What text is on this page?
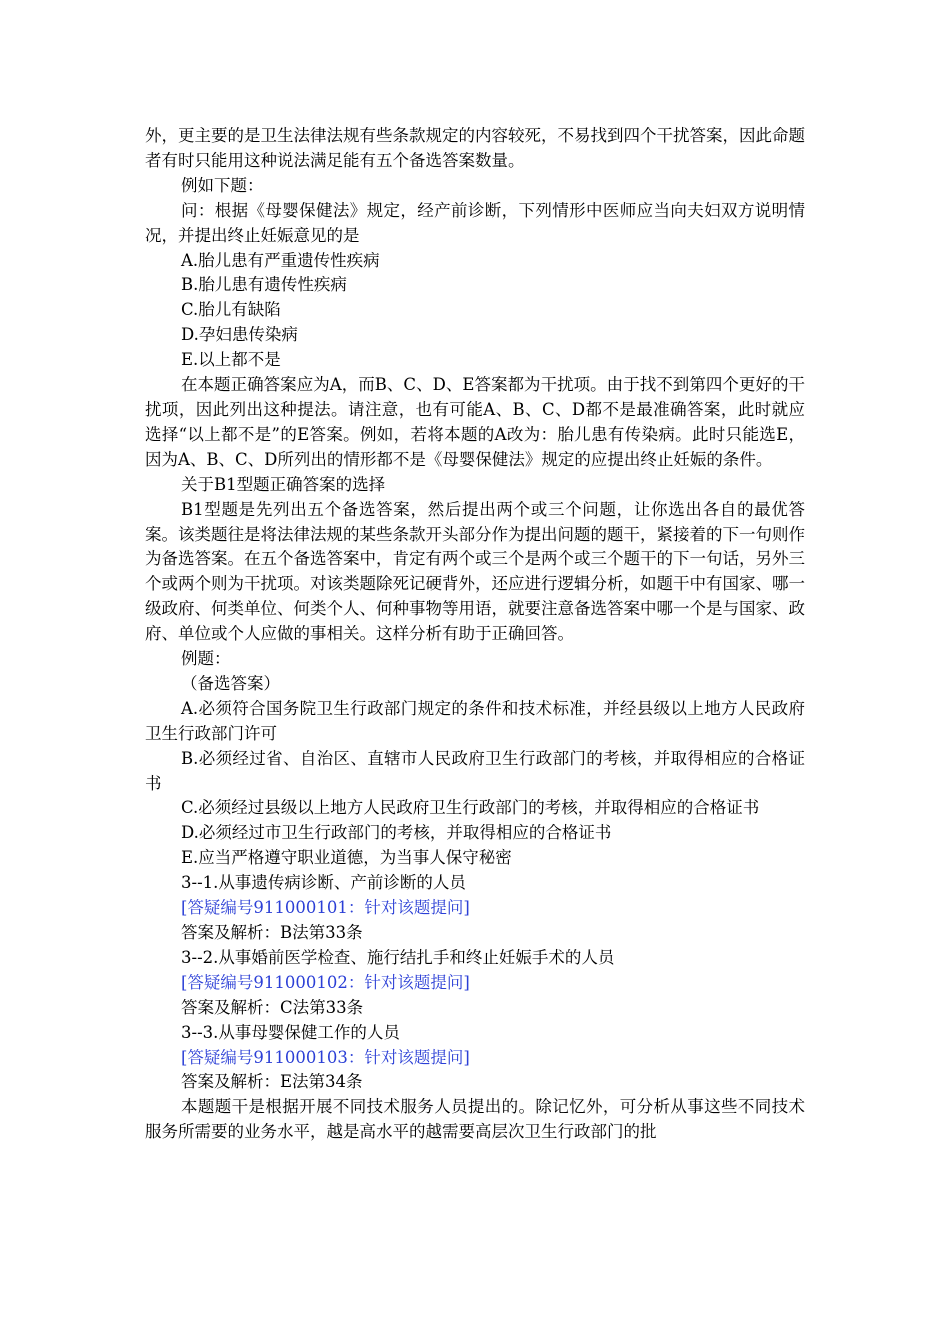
外，更主要的是卫生法律法规有些条款规定的内容较死，不易找到四个干扰答案，因此命题者有时只能用这种说法满足能有五个备选答案数量。

例如下题：

问：根据《母婴保健法》规定，经产前诊断，下列情形中医师应当向夫妇双方说明情况，并提出终止妊娠意见的是

A.胎儿患有严重遗传性疾病

B.胎儿患有遗传性疾病

C.胎儿有缺陷

D.孕妇患传染病

E.以上都不是

在本题正确答案应为A，而B、C、D、E答案都为干扰项。由于找不到第四个更好的干扰项，因此列出这种提法。请注意，也有可能A、B、C、D都不是最准确答案，此时就应选择“以上都不是”的E答案。例如，若将本题的A改为：胎儿患有传染病。此时只能选E，因为A、B、C、D所列出的情形都不是《母婴保健法》规定的应提出终止妊娠的条件。

关于B1型题正确答案的选择

B1型题是先列出五个备选答案，然后提出两个或三个问题，让你选出各自的最优答案。该类题往是将法律法规的某些条款开头部分作为提出问题的题干，紧接着的下一句则作为备选答案。在五个备选答案中，肯定有两个或三个是两个或三个题干的下一句话，另外三个或两个则为干扰项。对该类题除死记硬背外，还应进行逻辑分析，如题干中有国家、哪一级政府、何类单位、何类个人、何种事物等用语，就要注意备选答案中哪一个是与国家、政府、单位或个人应做的事相关。这样分析有助于正确回答。

例题：

（备选答案）

A.必须符合国务院卫生行政部门规定的条件和技术标准，并经县级以上地方人民政府卫生行政部门许可

B.必须经过省、自治区、直辖市人民政府卫生行政部门的考核，并取得相应的合格证书

C.必须经过县级以上地方人民政府卫生行政部门的考核，并取得相应的合格证书

D.必须经过市卫生行政部门的考核，并取得相应的合格证书

E.应当严格遵守职业道德，为当事人保守秘密

3--1.从事遗传病诊断、产前诊断的人员

[答疑编号911000101：针对该题提问]

答案及解析：B法第33条

3--2.从事婚前医学检查、施行结扎手和终止妊娠手术的人员

[答疑编号911000102：针对该题提问]

答案及解析：C法第33条

3--3.从事母婴保健工作的人员

[答疑编号911000103：针对该题提问]

答案及解析：E法第34条

本题题干是根据开展不同技术服务人员提出的。除记忆外，可分析从事这些不同技术服务所需要的业务水平，越是高水平的越需要高层次卫生行政部门的批
